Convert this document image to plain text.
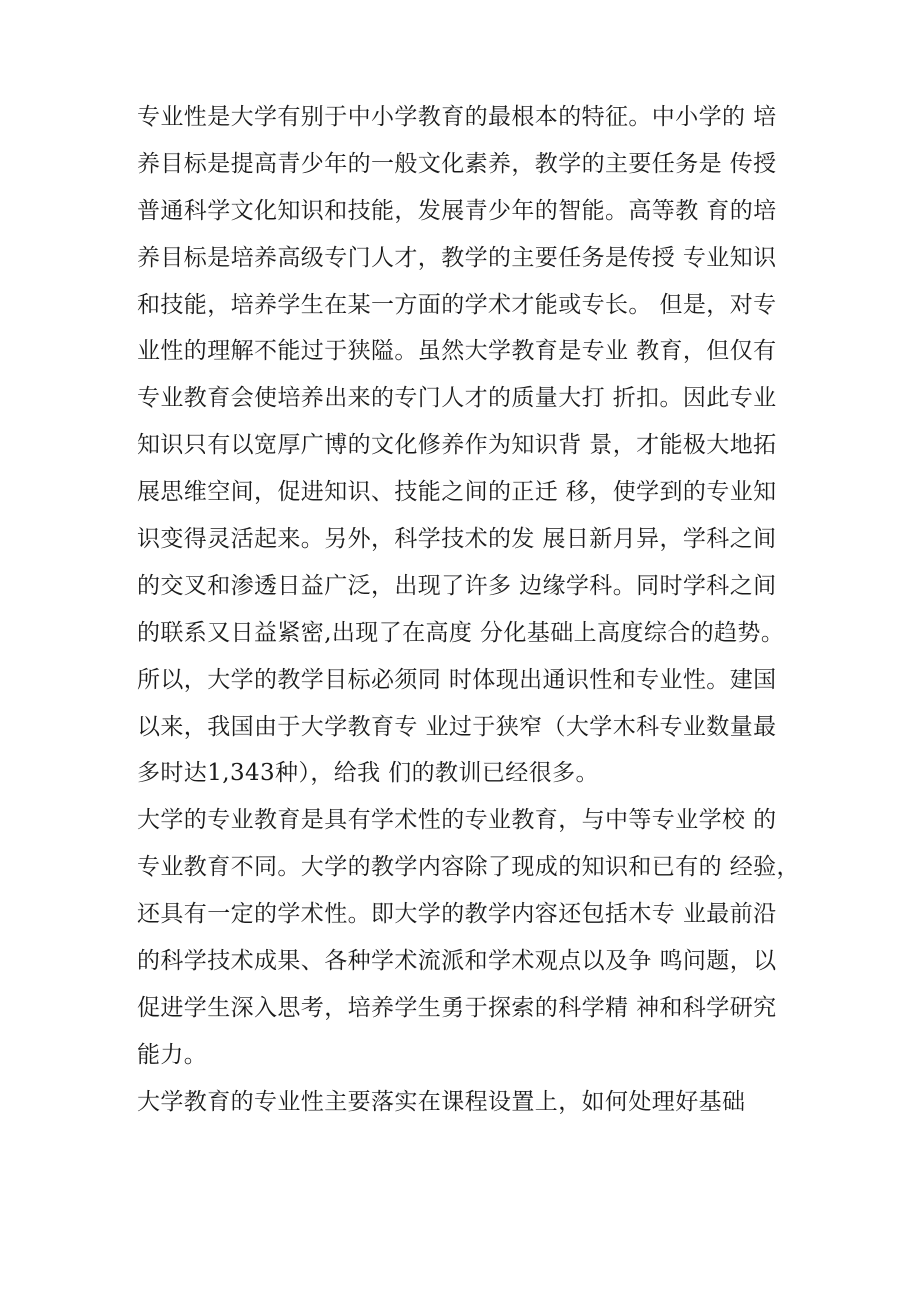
专业性是大学有别于中小学教育的最根本的特征。中小学的 培
养目标是提高青少年的一般文化素养，教学的主要任务是 传授
普通科学文化知识和技能，发展青少年的智能。高等教 育的培
养目标是培养高级专门人才，教学的主要任务是传授 专业知识
和技能，培养学生在某一方面的学术才能或专长。 但是，对专
业性的理解不能过于狭隘。虽然大学教育是专业 教育，但仅有
专业教育会使培养出来的专门人才的质量大打 折扣。因此专业
知识只有以宽厚广博的文化修养作为知识背 景，才能极大地拓
展思维空间，促进知识、技能之间的正迁 移，使学到的专业知
识变得灵活起来。另外，科学技术的发 展日新月异，学科之间
的交叉和渗透日益广泛，出现了许多 边缘学科。同时学科之间
的联系又日益紧密,出现了在高度 分化基础上高度综合的趋势。
所以，大学的教学目标必须同 时体现出通识性和专业性。建国
以来，我国由于大学教育专 业过于狭窄（大学木科专业数量最
多时达1,343种），给我 们的教训已经很多。
大学的专业教育是具有学术性的专业教育，与中等专业学校 的
专业教育不同。大学的教学内容除了现成的知识和已有的 经验，
还具有一定的学术性。即大学的教学内容还包括木专 业最前沿
的科学技术成果、各种学术流派和学术观点以及争 鸣问题，以
促进学生深入思考，培养学生勇于探索的科学精 神和科学研究
能力。
大学教育的专业性主要落实在课程设置上，如何处理好基础
